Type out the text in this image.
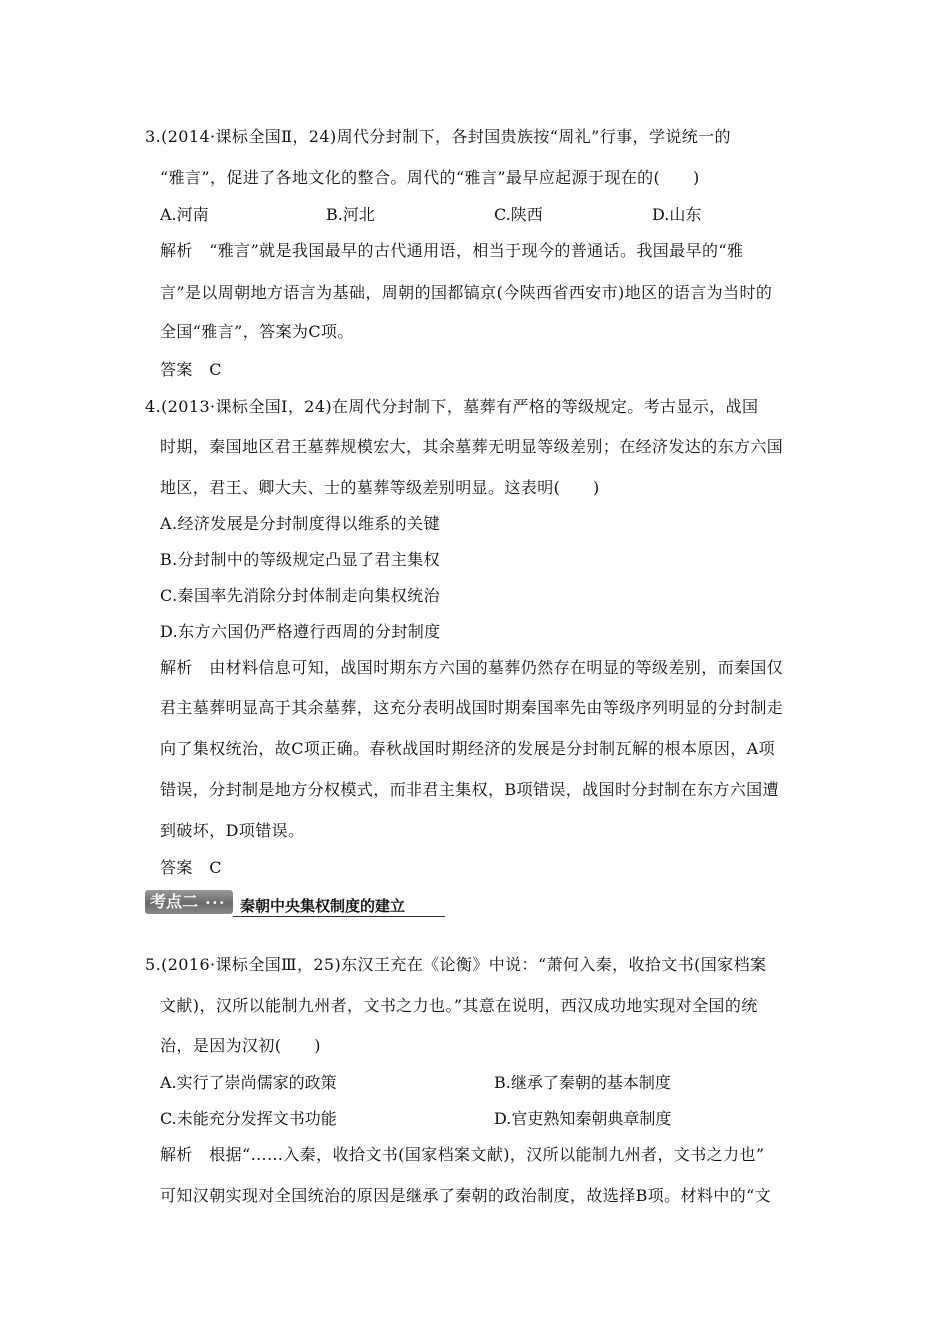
3.(2014·课标全国Ⅱ，24)周代分封制下，各封国贵族按“周礼”行事，学说统一的
“雅言”，促进了各地文化的整合。周代的“雅言”最早应起源于现在的(　　)
A.河南	B.河北	C.陕西	D.山东
解析　“雅言”就是我国最早的古代通用语，相当于现今的普通话。我国最早的“雅
言”是以周朝地方语言为基础，周朝的国都镐京(今陕西省西安市)地区的语言为当时的
全国“雅言”，答案为C项。
答案　C
4.(2013·课标全国Ⅰ，24)在周代分封制下，墓葬有严格的等级规定。考古显示，战国
时期，秦国地区君王墓葬规模宏大，其余墓葬无明显等级差别；在经济发达的东方六国
地区，君王、卿大夫、士的墓葬等级差别明显。这表明(　　)
A.经济发展是分封制度得以维系的关键
B.分封制中的等级规定凸显了君主集权
C.秦国率先消除分封体制走向集权统治
D.东方六国仍严格遵行西周的分封制度
解析　由材料信息可知，战国时期东方六国的墓葬仍然存在明显的等级差别，而秦国仅
君主墓葬明显高于其余墓葬，这充分表明战国时期秦国率先由等级序列明显的分封制走
向了集权统治，故C项正确。春秋战国时期经济的发展是分封制瓦解的根本原因，A项
错误，分封制是地方分权模式，而非君主集权，B项错误，战国时分封制在东方六国遭
到破坏，D项错误。
答案　C
考点二 ••• 秦朝中央集权制度的建立
5.(2016·课标全国Ⅲ，25)东汉王充在《论衡》中说：“萧何入秦，收拾文书(国家档案
文献)，汉所以能制九州者，文书之力也。”其意在说明，西汉成功地实现对全国的统
治，是因为汉初(　　)
A.实行了崇尚儒家的政策	B.继承了秦朝的基本制度
C.未能充分发挥文书功能	D.官吏熟知秦朝典章制度
解析　根据“……入秦，收拾文书(国家档案文献)，汉所以能制九州者，文书之力也”
可知汉朝实现对全国统治的原因是继承了秦朝的政治制度，故选择B项。材料中的“文
